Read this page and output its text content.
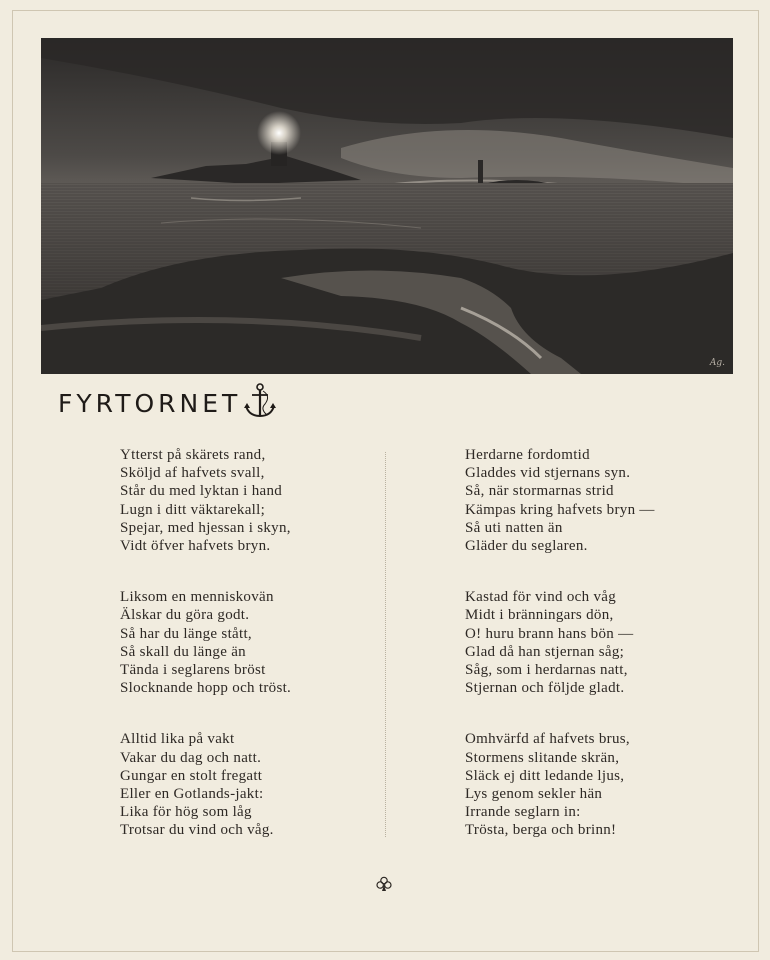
Ag.
FYRTORNET

Ytterst på skärets rand,
Sköljd af hafvets svall,
Står du med lyktan i hand
Lugn i ditt väktarekall;
Spejar, med hjessan i skyn,
Vidt öfver hafvets bryn.

Liksom en menniskovän
Älskar du göra godt.
Så har du länge stått,
Så skall du länge än
Tända i seglarens bröst
Slocknande hopp och tröst.

Alltid lika på vakt
Vakar du dag och natt.
Gungar en stolt fregatt
Eller en Gotlands-jakt:
Lika för hög som låg
Trotsar du vind och våg.

Herdarne fordomtid
Gladdes vid stjernans syn.
Så, när stormarnas strid
Kämpas kring hafvets bryn —
Så uti natten än
Gläder du seglaren.

Kastad för vind och våg
Midt i bränningars dön,
O! huru brann hans bön —
Glad då han stjernan såg;
Såg, som i herdarnas natt,
Stjernan och följde gladt.

Omhvärfd af hafvets brus,
Stormens slitande skrän,
Släck ej ditt ledande ljus,
Lys genom sekler hän
Irrande seglarn in:
Trösta, berga och brinn!
